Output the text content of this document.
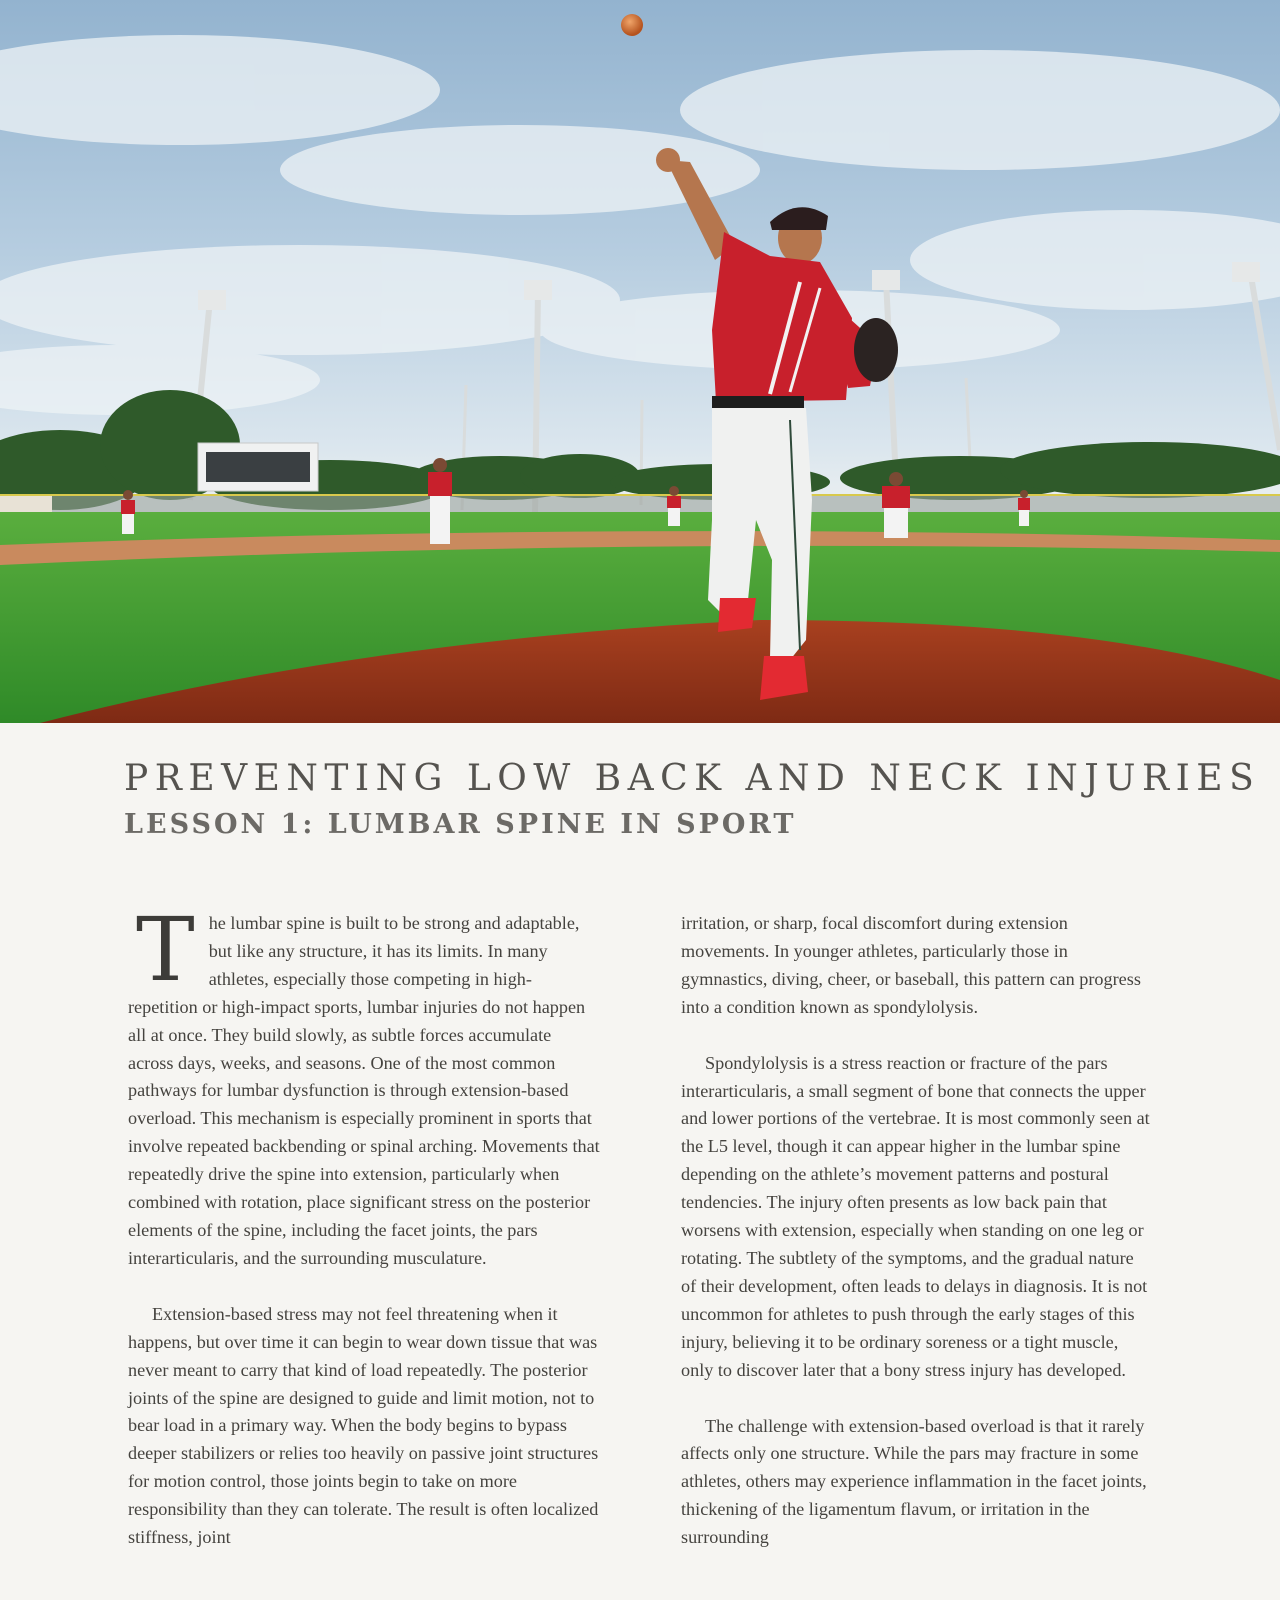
PREVENTING LOW BACK AND NECK INJURIES
LESSON 1: LUMBAR SPINE IN SPORT

The lumbar spine is built to be strong and adaptable, but like any structure, it has its limits. In many athletes, especially those competing in high-repetition or high-impact sports, lumbar injuries do not happen all at once. They build slowly, as subtle forces accumulate across days, weeks, and seasons. One of the most common pathways for lumbar dysfunction is through extension-based overload. This mechanism is especially prominent in sports that involve repeated backbending or spinal arching. Movements that repeatedly drive the spine into extension, particularly when combined with rotation, place significant stress on the posterior elements of the spine, including the facet joints, the pars interarticularis, and the surrounding musculature.

Extension-based stress may not feel threatening when it happens, but over time it can begin to wear down tissue that was never meant to carry that kind of load repeatedly. The posterior joints of the spine are designed to guide and limit motion, not to bear load in a primary way. When the body begins to bypass deeper stabilizers or relies too heavily on passive joint structures for motion control, those joints begin to take on more responsibility than they can tolerate. The result is often localized stiffness, joint

irritation, or sharp, focal discomfort during extension movements. In younger athletes, particularly those in gymnastics, diving, cheer, or baseball, this pattern can progress into a condition known as spondylolysis.

Spondylolysis is a stress reaction or fracture of the pars interarticularis, a small segment of bone that connects the upper and lower portions of the vertebrae. It is most commonly seen at the L5 level, though it can appear higher in the lumbar spine depending on the athlete’s movement patterns and postural tendencies. The injury often presents as low back pain that worsens with extension, especially when standing on one leg or rotating. The subtlety of the symptoms, and the gradual nature of their development, often leads to delays in diagnosis. It is not uncommon for athletes to push through the early stages of this injury, believing it to be ordinary soreness or a tight muscle, only to discover later that a bony stress injury has developed.

The challenge with extension-based overload is that it rarely affects only one structure. While the pars may fracture in some athletes, others may experience inflammation in the facet joints, thickening of the ligamentum flavum, or irritation in the surrounding
